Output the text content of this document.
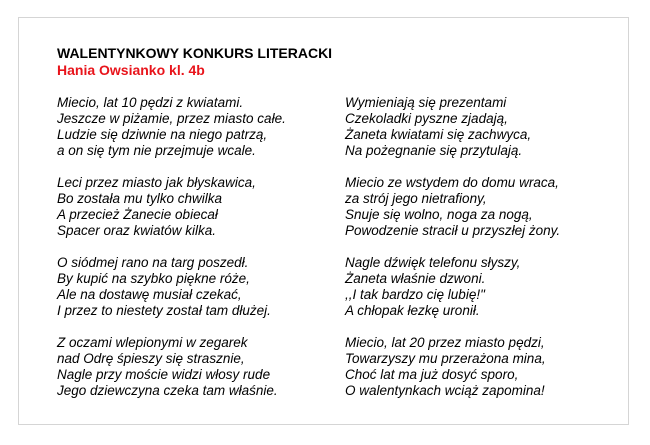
WALENTYNKOWY KONKURS LITERACKI

Hania Owsianko kl. 4b

Miecio, lat 10 pędzi z kwiatami.
Jeszcze w piżamie, przez miasto całe.
Ludzie się dziwnie na niego patrzą,
a on się tym nie przejmuje wcale.
Leci przez miasto jak błyskawica,
Bo została mu tylko chwilka
A przecież Żanecie obiecał
Spacer oraz kwiatów kilka.
O siódmej rano na targ poszedł.
By kupić na szybko piękne róże,
Ale na dostawę musiał czekać,
I przez to niestety został tam dłużej.
Z oczami wlepionymi w zegarek
nad Odrę śpieszy się strasznie,
Nagle przy moście widzi włosy rude
Jego dziewczyna czeka tam właśnie.
Wymieniają się prezentami
Czekoladki pyszne zjadają,
Żaneta kwiatami się zachwyca,
Na pożegnanie się przytulają.
Miecio ze wstydem do domu wraca,
za strój jego nietrafiony,
Snuje się wolno, noga za nogą,
Powodzenie stracił u przyszłej żony.
Nagle dźwięk telefonu słyszy,
Żaneta właśnie dzwoni.
,,I tak bardzo cię lubię!"
A chłopak łezkę uronił.
Miecio, lat 20 przez miasto pędzi,
Towarzyszy mu przerażona mina,
Choć lat ma już dosyć sporo,
O walentynkach wciąż zapomina!
